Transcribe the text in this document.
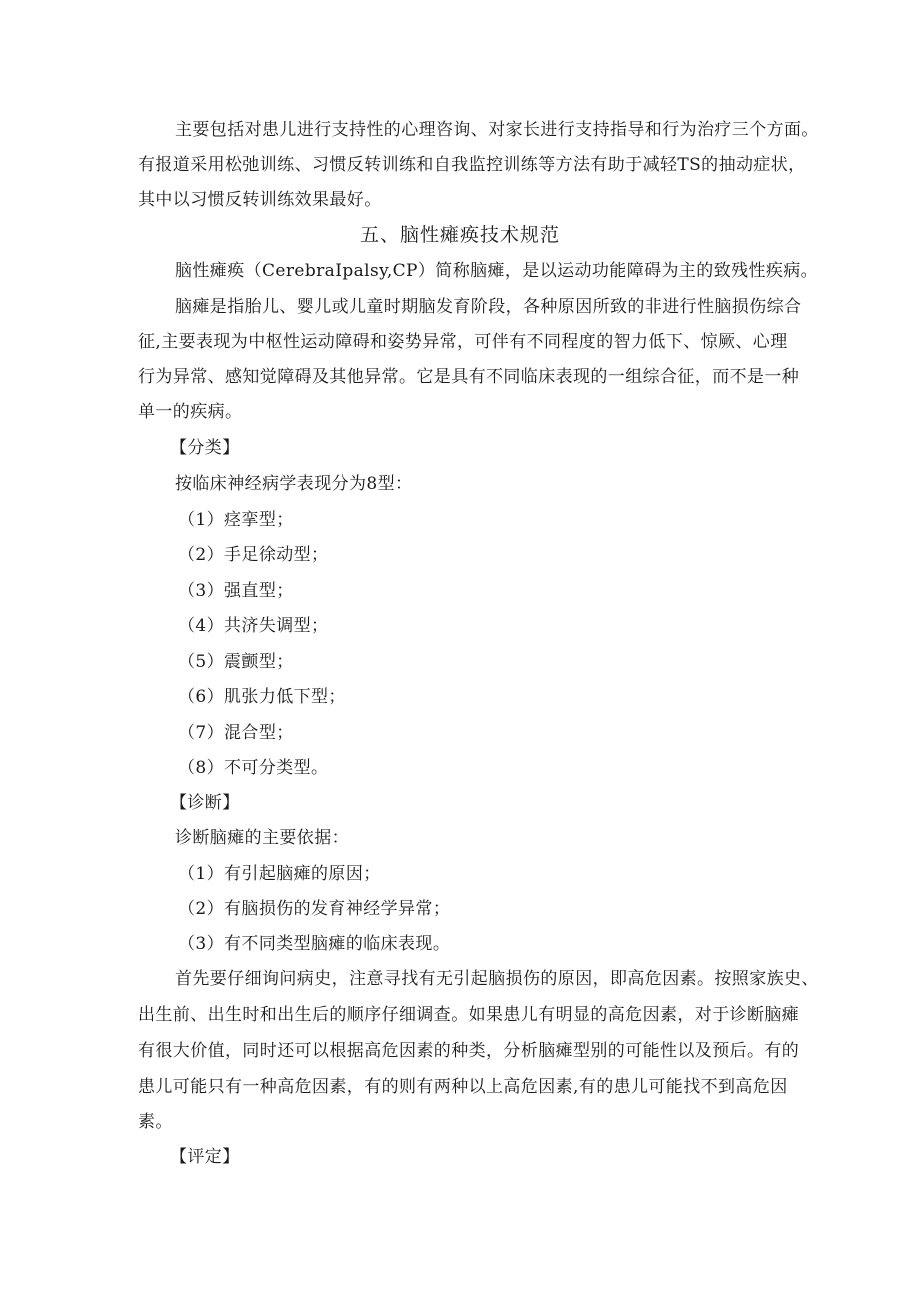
主要包括对患儿进行支持性的心理咨询、对家长进行支持指导和行为治疗三个方面。
有报道采用松弛训练、习惯反转训练和自我监控训练等方法有助于减轻TS的抽动症状，
其中以习惯反转训练效果最好。
五、脑性瘫痪技术规范
脑性瘫痪（CerebraIpalsy,CP）简称脑瘫，是以运动功能障碍为主的致残性疾病。
脑瘫是指胎儿、婴儿或儿童时期脑发育阶段，各种原因所致的非进行性脑损伤综合
征,主要表现为中枢性运动障碍和姿势异常，可伴有不同程度的智力低下、惊厥、心理
行为异常、感知觉障碍及其他异常。它是具有不同临床表现的一组综合征，而不是一种
单一的疾病。
【分类】
按临床神经病学表现分为8型：
（1）痉挛型；
（2）手足徐动型；
（3）强直型；
（4）共济失调型；
（5）震颤型；
（6）肌张力低下型；
（7）混合型；
（8）不可分类型。
【诊断】
诊断脑瘫的主要依据：
（1）有引起脑瘫的原因；
（2）有脑损伤的发育神经学异常；
（3）有不同类型脑瘫的临床表现。
首先要仔细询问病史，注意寻找有无引起脑损伤的原因，即高危因素。按照家族史、
出生前、出生时和出生后的顺序仔细调查。如果患儿有明显的高危因素，对于诊断脑瘫
有很大价值，同时还可以根据高危因素的种类，分析脑瘫型别的可能性以及预后。有的
患儿可能只有一种高危因素，有的则有两种以上高危因素,有的患儿可能找不到高危因
素。
【评定】
